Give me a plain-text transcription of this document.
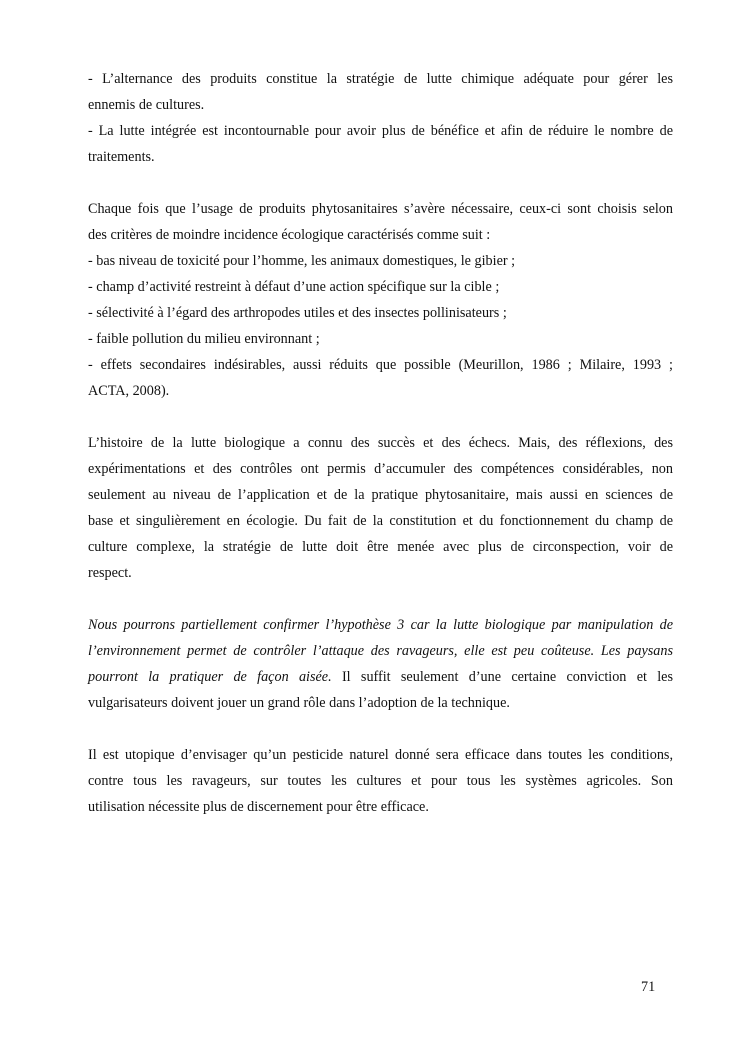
- L’alternance des produits constitue la stratégie de lutte chimique adéquate pour gérer les

ennemis de cultures.

- La lutte intégrée est incontournable pour avoir plus de bénéfice et afin de réduire le nombre de

traitements.

Chaque fois que l’usage de produits phytosanitaires s’avère nécessaire, ceux-ci sont choisis selon

des critères de moindre incidence écologique caractérisés comme suit :

- bas niveau de toxicité pour l’homme, les animaux domestiques, le gibier ;

- champ d’activité restreint à défaut d’une action spécifique sur la cible ;

- sélectivité à l’égard des arthropodes utiles et des insectes pollinisateurs ;

- faible pollution du milieu environnant ;

- effets secondaires indésirables, aussi réduits que possible (Meurillon, 1986 ; Milaire, 1993 ;

ACTA, 2008).

L’histoire de la lutte biologique a connu des succès et des échecs. Mais, des réflexions, des

expérimentations et des contrôles ont permis d’accumuler des compétences considérables, non

seulement au niveau de l’application et de la pratique phytosanitaire, mais aussi en sciences de

base et singulièrement en écologie. Du fait de la constitution et du fonctionnement du champ de

culture complexe, la stratégie de lutte doit être menée avec plus de circonspection, voir de

respect.

Nous pourrons partiellement confirmer l’hypothèse 3 car la lutte biologique par manipulation de

l’environnement permet de contrôler l’attaque des ravageurs, elle est peu coûteuse. Les paysans

pourront la pratiquer de façon aisée. Il suffit seulement d’une certaine conviction et les

vulgarisateurs doivent jouer un grand rôle dans l’adoption de la technique.

Il est utopique d’envisager qu’un pesticide naturel donné sera efficace dans toutes les conditions,

contre tous les ravageurs, sur toutes les cultures et pour tous les systèmes agricoles. Son

utilisation nécessite plus de discernement pour être efficace.

71
